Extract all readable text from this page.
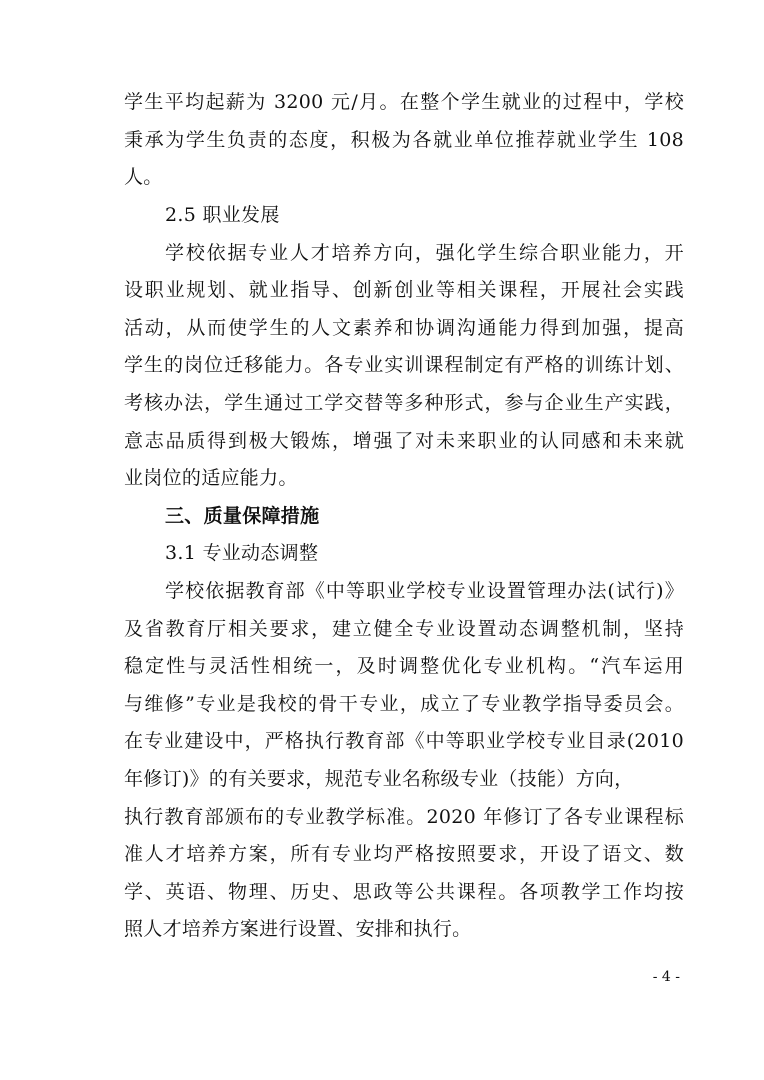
学生平均起薪为 3200 元/月。在整个学生就业的过程中，学校
秉承为学生负责的态度，积极为各就业单位推荐就业学生 108
人。
2.5 职业发展
学校依据专业人才培养方向，强化学生综合职业能力，开
设职业规划、就业指导、创新创业等相关课程，开展社会实践
活动，从而使学生的人文素养和协调沟通能力得到加强，提高
学生的岗位迁移能力。各专业实训课程制定有严格的训练计划、
考核办法，学生通过工学交替等多种形式，参与企业生产实践，
意志品质得到极大锻炼，增强了对未来职业的认同感和未来就
业岗位的适应能力。
三、质量保障措施
3.1 专业动态调整
学校依据教育部《中等职业学校专业设置管理办法(试行)》
及省教育厅相关要求，建立健全专业设置动态调整机制，坚持
稳定性与灵活性相统一，及时调整优化专业机构。“汽车运用
与维修”专业是我校的骨干专业，成立了专业教学指导委员会。
在专业建设中，严格执行教育部《中等职业学校专业目录(2010
年修订)》的有关要求，规范专业名称级专业（技能）方向，
执行教育部颁布的专业教学标准。2020 年修订了各专业课程标
准人才培养方案，所有专业均严格按照要求，开设了语文、数
学、英语、物理、历史、思政等公共课程。各项教学工作均按
照人才培养方案进行设置、安排和执行。
- 4 -
